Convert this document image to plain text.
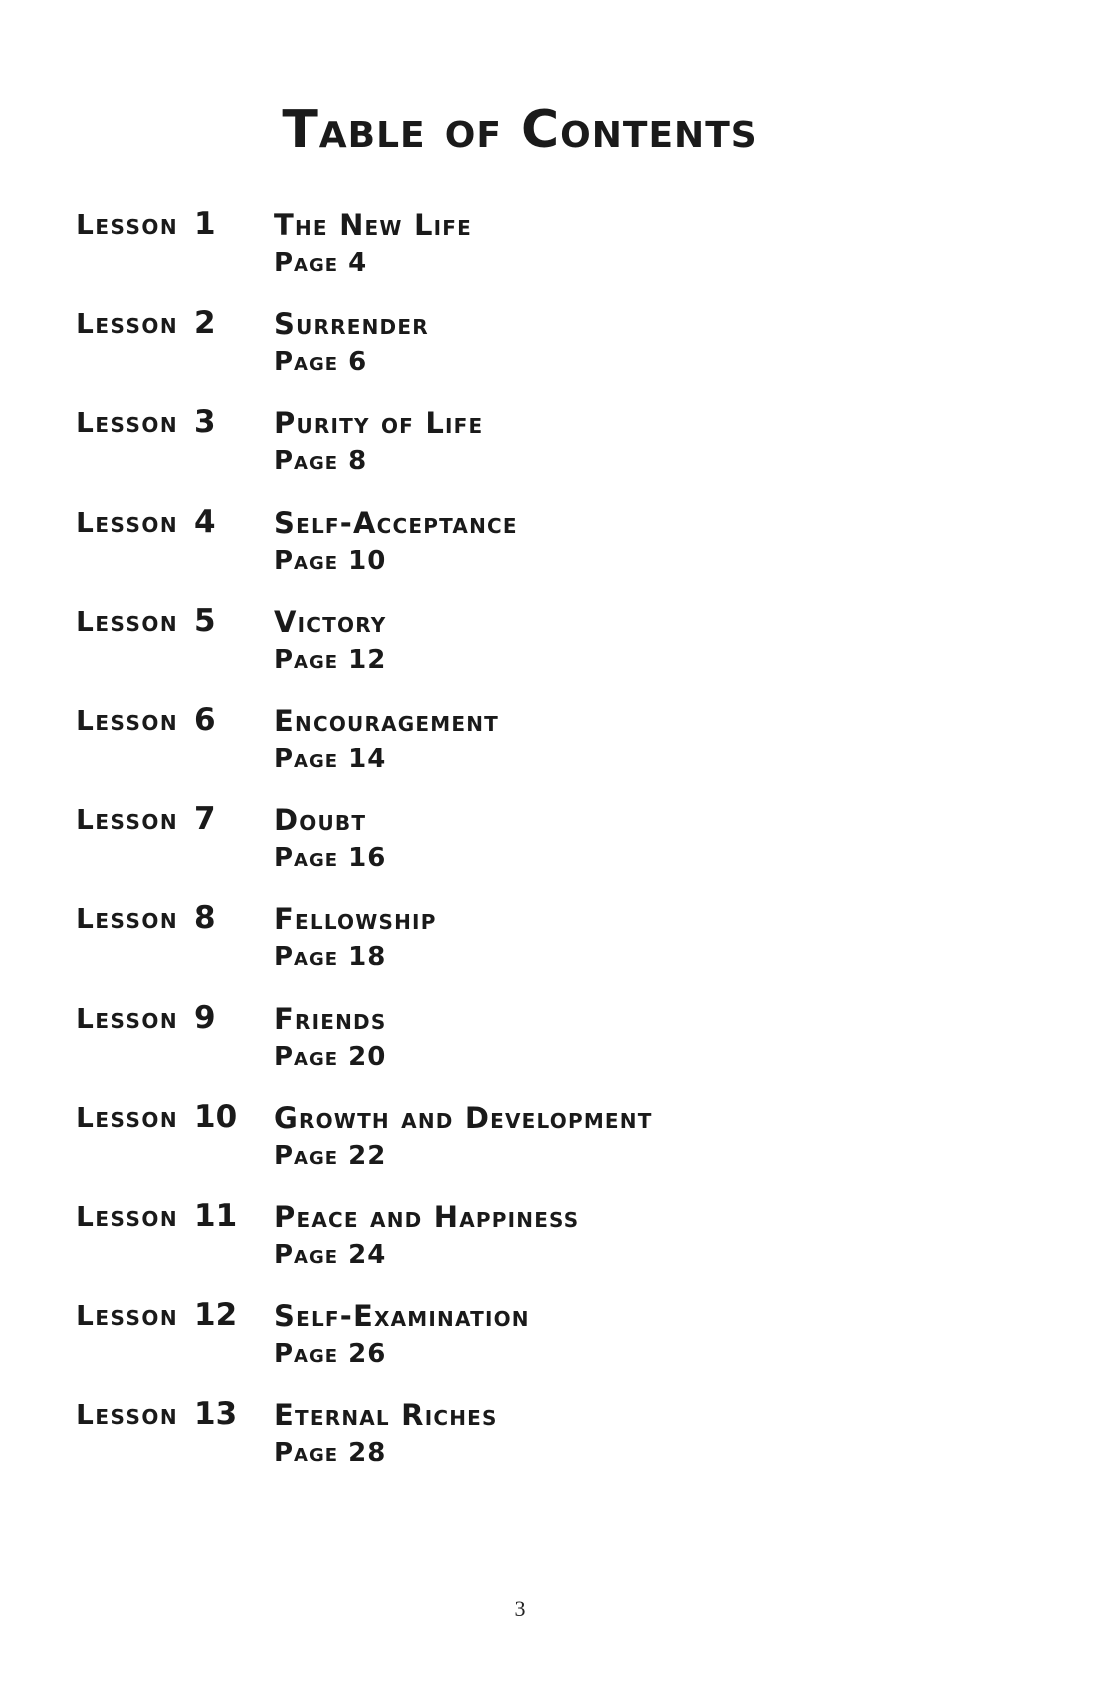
Table of Contents
Lesson 1	The New Life
Page 4
Lesson 2	Surrender
Page 6
Lesson 3	Purity of Life
Page 8
Lesson 4	Self-Acceptance
Page 10
Lesson 5	Victory
Page 12
Lesson 6	Encouragement
Page 14
Lesson 7	Doubt
Page 16
Lesson 8	Fellowship
Page 18
Lesson 9	Friends
Page 20
Lesson 10	Growth and Development
Page 22
Lesson 11	Peace and Happiness
Page 24
Lesson 12	Self-Examination
Page 26
Lesson 13	Eternal Riches
Page 28
3
